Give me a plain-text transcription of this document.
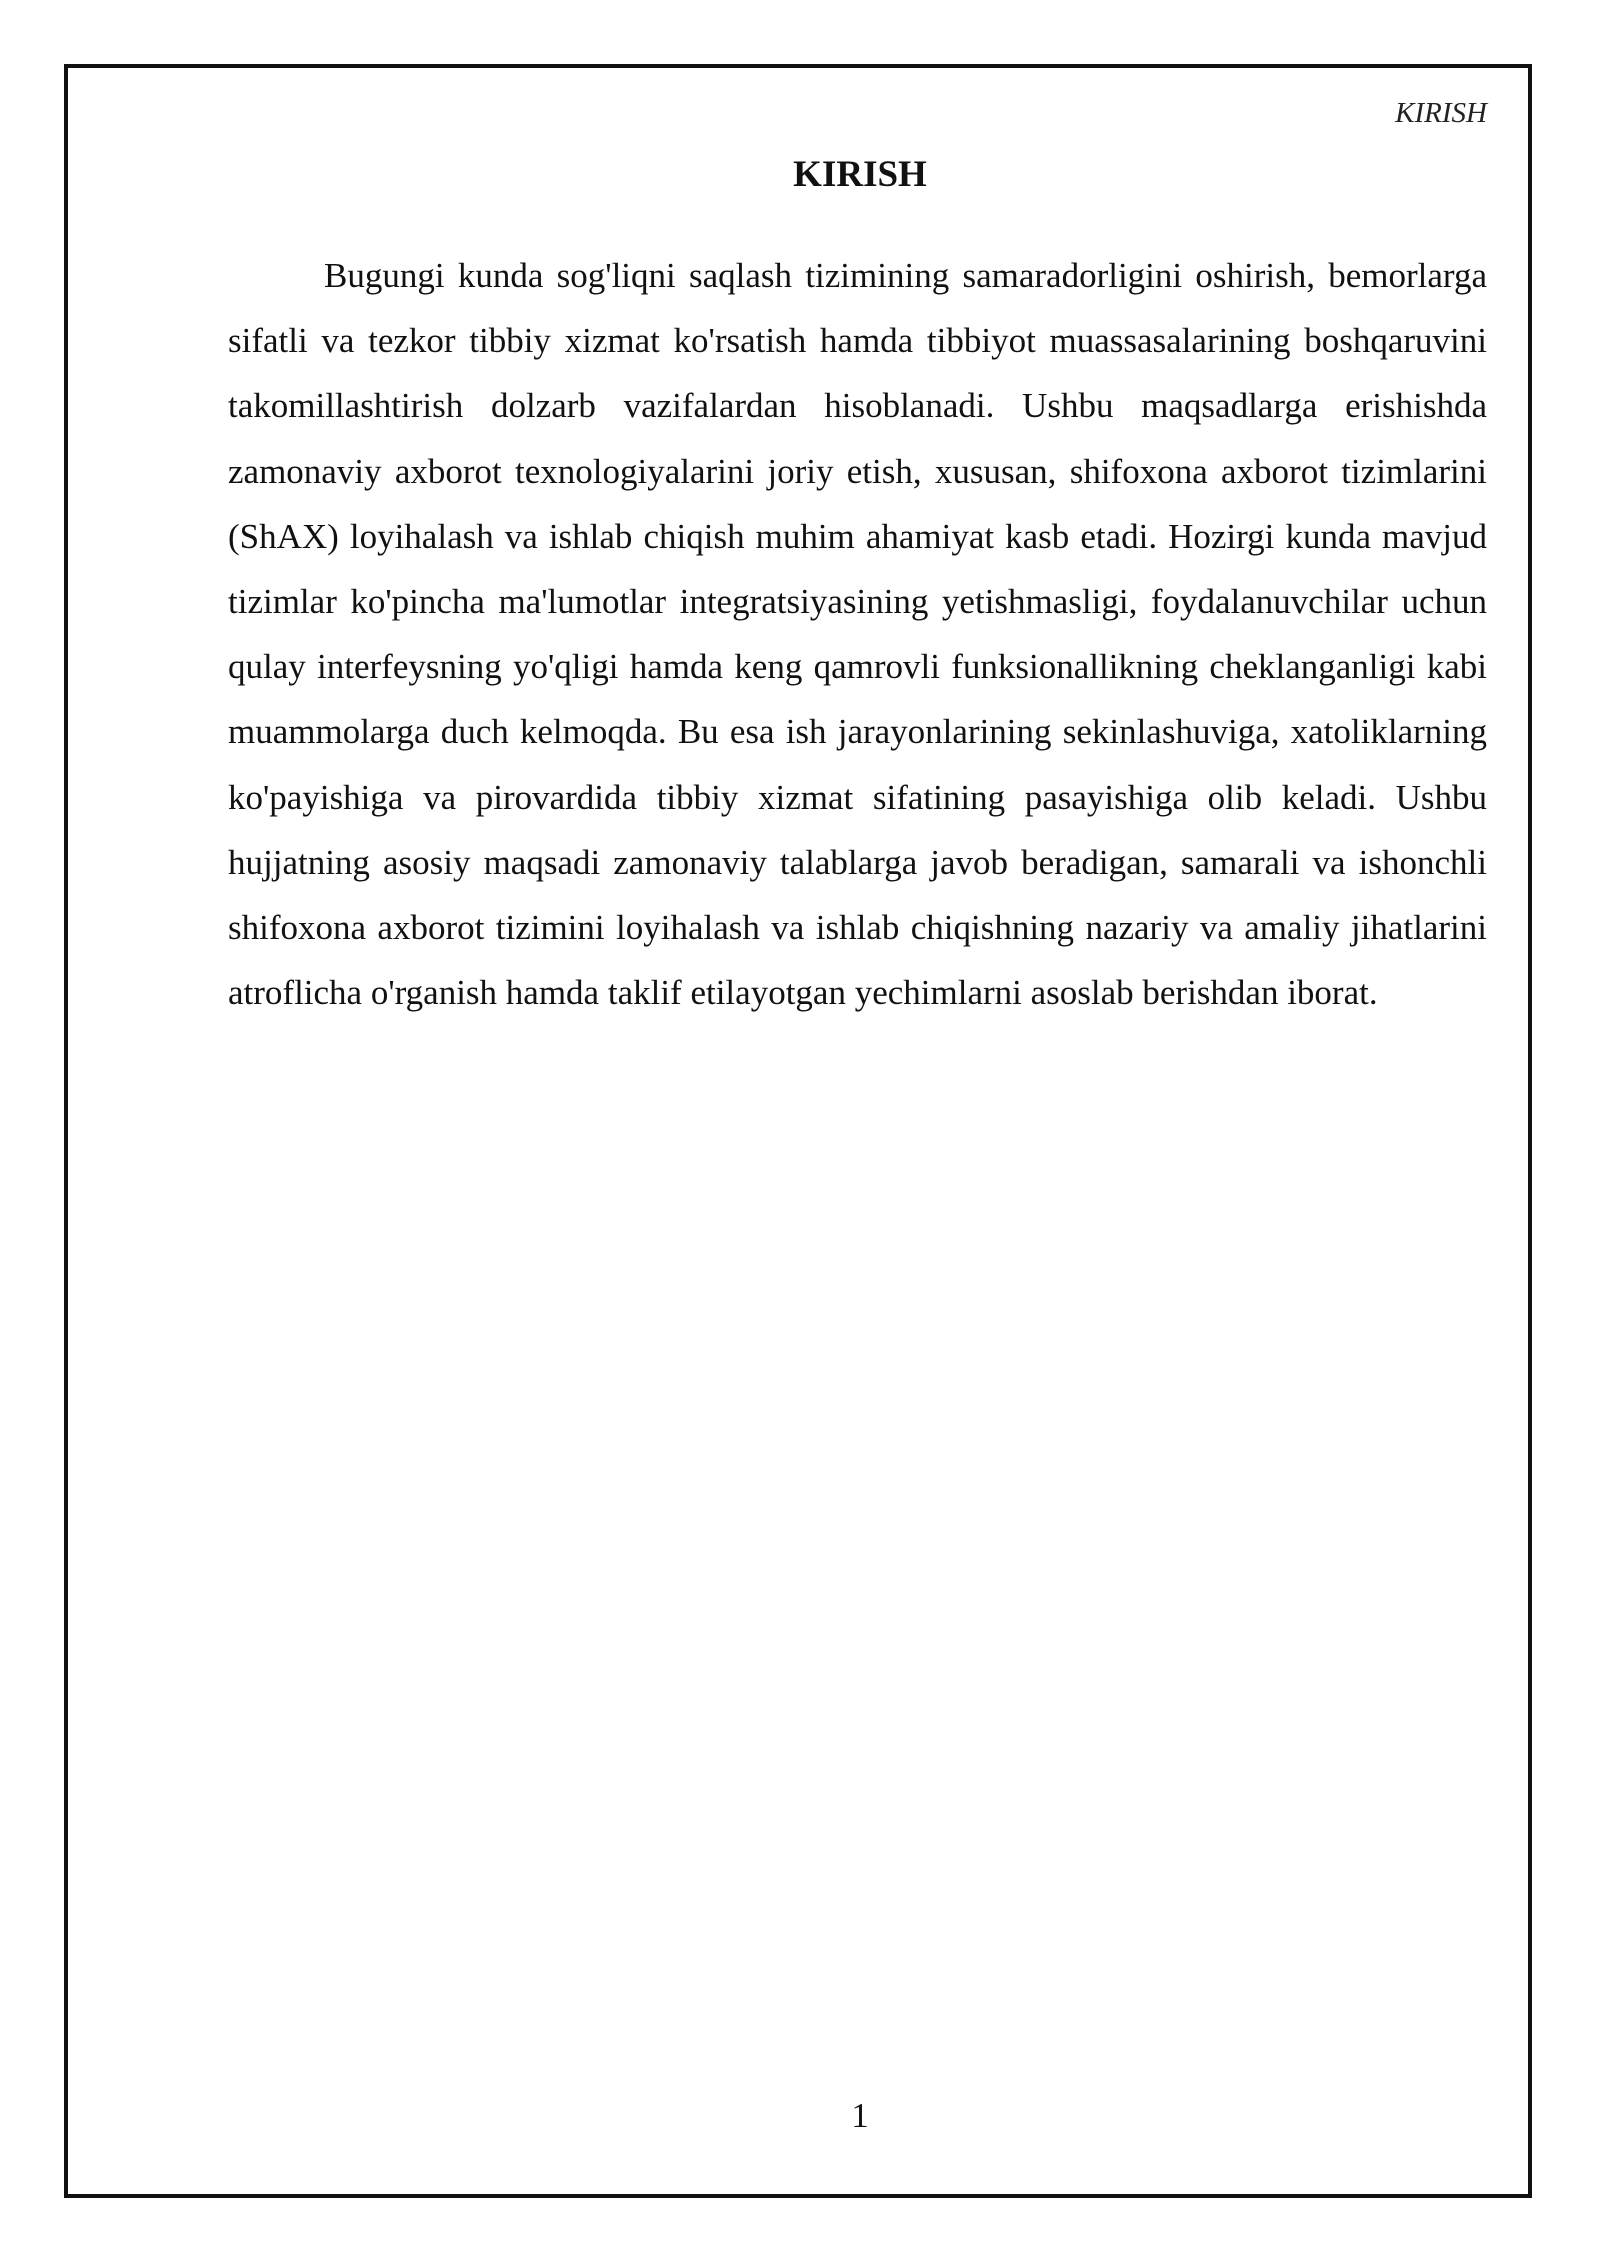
KIRISH
KIRISH

Bugungi kunda sog'liqni saqlash tizimining samaradorligini oshirish, bemorlarga sifatli va tezkor tibbiy xizmat ko'rsatish hamda tibbiyot muassasalarining boshqaruvini takomillashtirish dolzarb vazifalardan hisoblanadi. Ushbu maqsadlarga erishishda zamonaviy axborot texnologiyalarini joriy etish, xususan, shifoxona axborot tizimlarini (ShAX) loyihalash va ishlab chiqish muhim ahamiyat kasb etadi. Hozirgi kunda mavjud tizimlar ko'pincha ma'lumotlar integratsiyasining yetishmasligi, foydalanuvchilar uchun qulay interfeysning yo'qligi hamda keng qamrovli funksionallikning cheklanganligi kabi muammolarga duch kelmoqda. Bu esa ish jarayonlarining sekinlashuviga, xatoliklarning ko'payishiga va pirovardida tibbiy xizmat sifatining pasayishiga olib keladi. Ushbu hujjatning asosiy maqsadi zamonaviy talablarga javob beradigan, samarali va ishonchli shifoxona axborot tizimini loyihalash va ishlab chiqishning nazariy va amaliy jihatlarini atroflicha o'rganish hamda taklif etilayotgan yechimlarni asoslab berishdan iborat.

1
